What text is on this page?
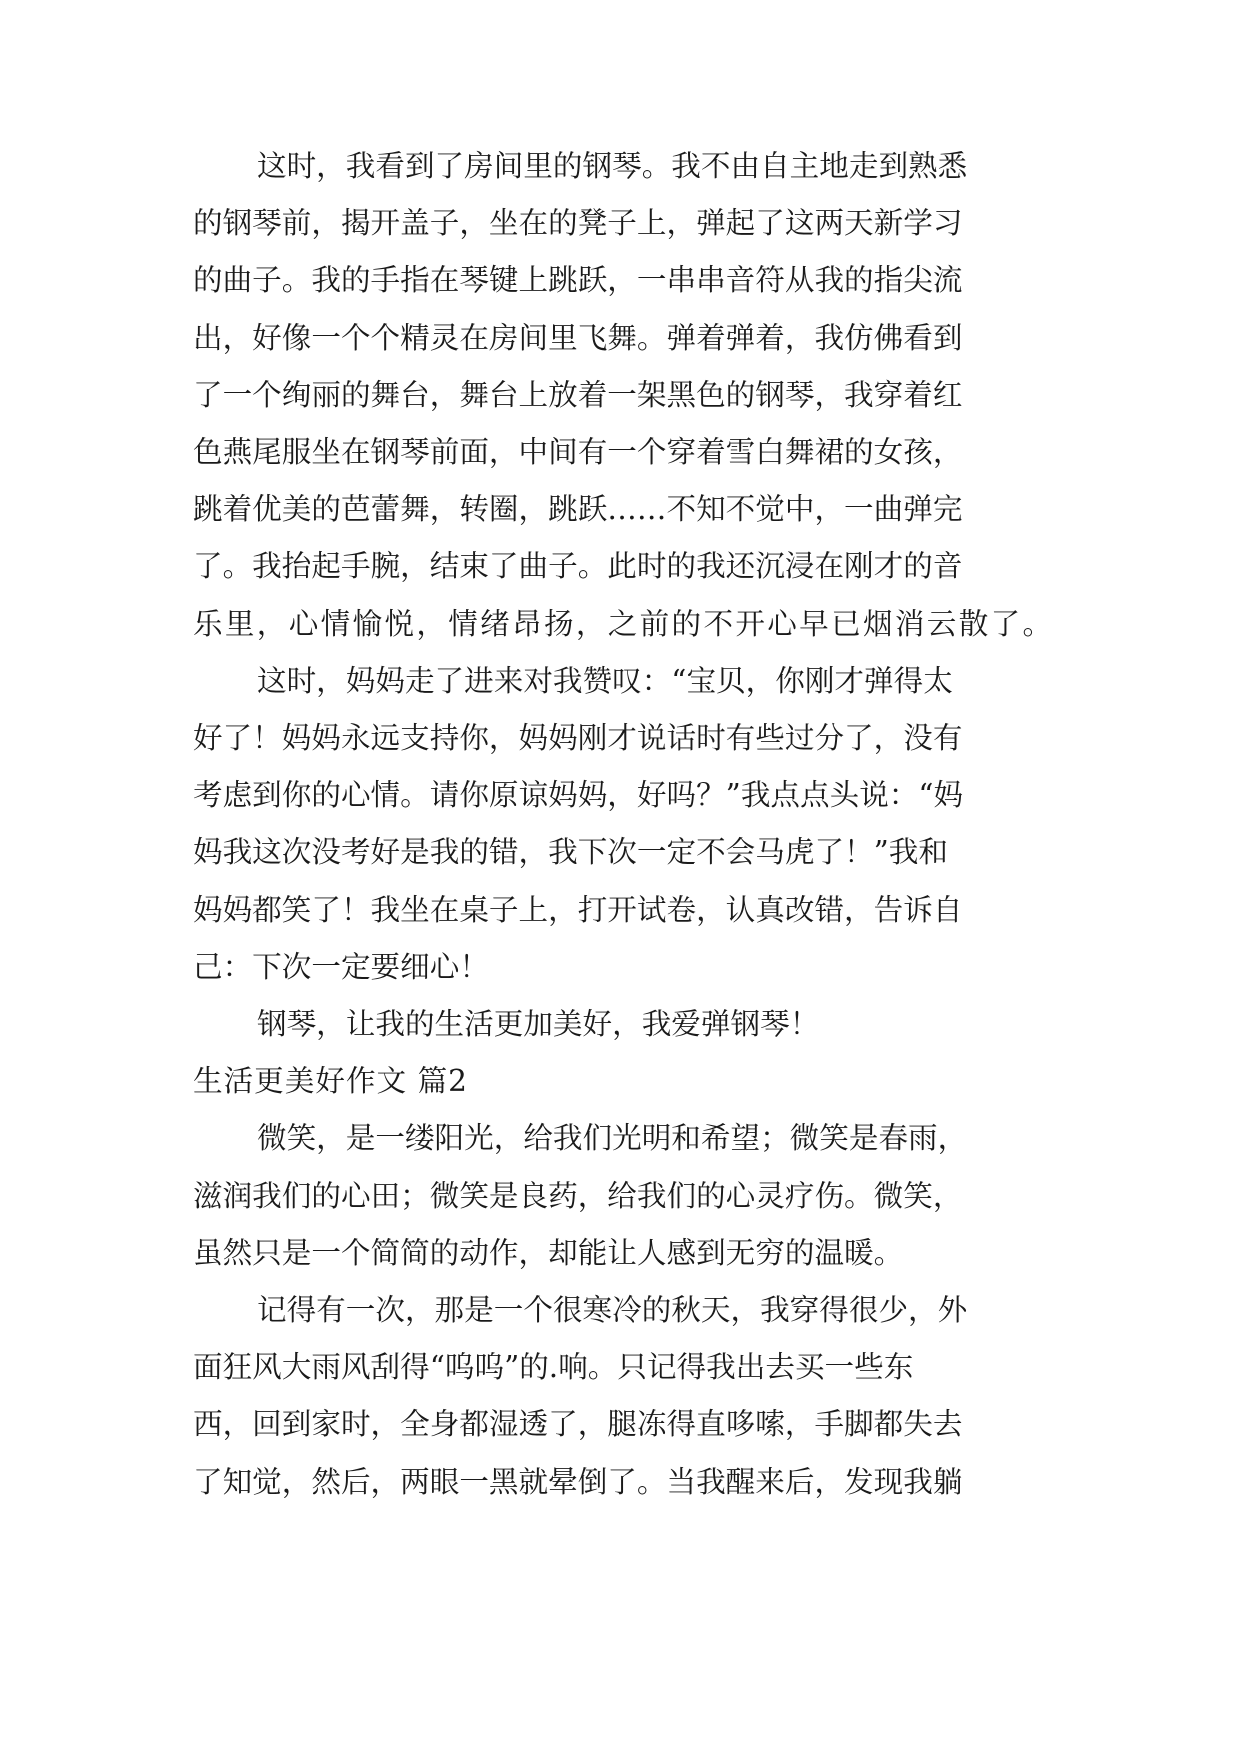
这时，我看到了房间里的钢琴。我不由自主地走到熟悉
的钢琴前，揭开盖子，坐在的凳子上，弹起了这两天新学习
的曲子。我的手指在琴键上跳跃，一串串音符从我的指尖流
出，好像一个个精灵在房间里飞舞。弹着弹着，我仿佛看到
了一个绚丽的舞台，舞台上放着一架黑色的钢琴，我穿着红
色燕尾服坐在钢琴前面，中间有一个穿着雪白舞裙的女孩，
跳着优美的芭蕾舞，转圈，跳跃……不知不觉中，一曲弹完
了。我抬起手腕，结束了曲子。此时的我还沉浸在刚才的音
乐里，心情愉悦，情绪昂扬，之前的不开心早已烟消云散了。
这时，妈妈走了进来对我赞叹：“宝贝，你刚才弹得太
好了！妈妈永远支持你，妈妈刚才说话时有些过分了，没有
考虑到你的心情。请你原谅妈妈，好吗？”我点点头说：“妈
妈我这次没考好是我的错，我下次一定不会马虎了！”我和
妈妈都笑了！我坐在桌子上，打开试卷，认真改错，告诉自
己：下次一定要细心！
钢琴，让我的生活更加美好，我爱弹钢琴！
生活更美好作文 篇2
微笑，是一缕阳光，给我们光明和希望；微笑是春雨，
滋润我们的心田；微笑是良药，给我们的心灵疗伤。微笑，
虽然只是一个简简的动作，却能让人感到无穷的温暖。
记得有一次，那是一个很寒冷的秋天，我穿得很少，外
面狂风大雨风刮得“呜呜”的.响。只记得我出去买一些东
西，回到家时，全身都湿透了，腿冻得直哆嗦，手脚都失去
了知觉，然后，两眼一黑就晕倒了。当我醒来后，发现我躺
